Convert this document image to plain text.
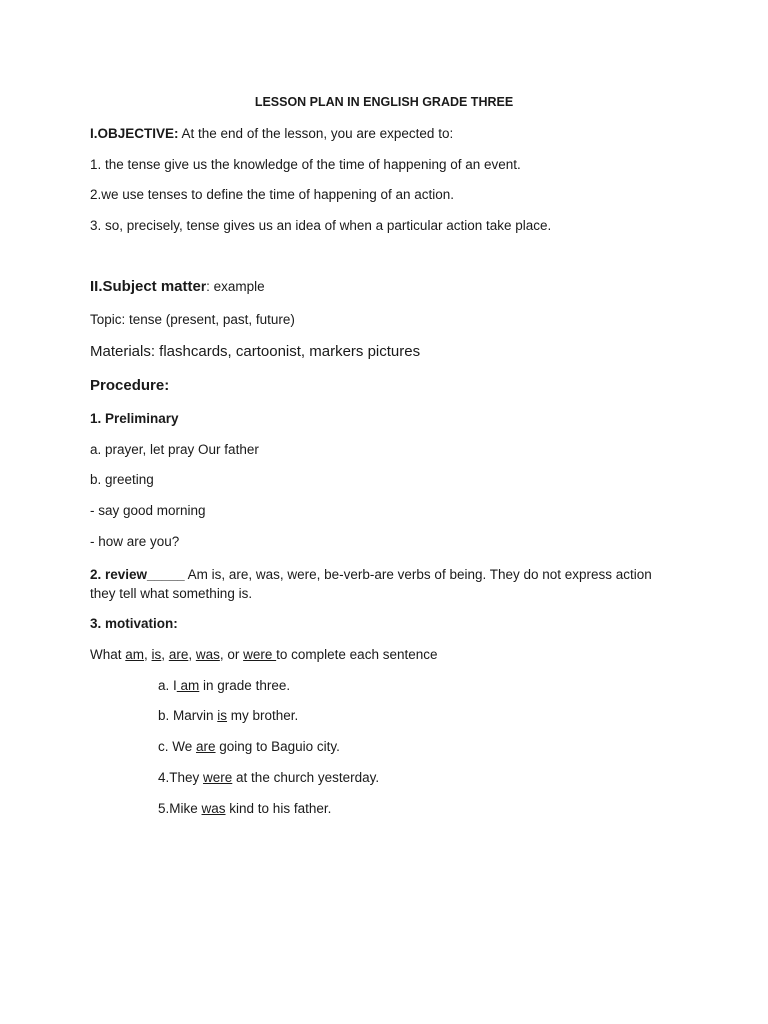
LESSON PLAN IN ENGLISH GRADE THREE
I.OBJECTIVE: At the end of the lesson, you are expected to:
1. the tense give us the knowledge of the time of happening of an event.
2.we use tenses to define the time of happening of an action.
3. so, precisely, tense gives us an idea of when a particular action take place.
II.Subject matter: example
Topic: tense (present, past, future)
Materials: flashcards, cartoonist, markers pictures
Procedure:
1. Preliminary
a. prayer, let pray Our father
b. greeting
- say good morning
- how are you?
2. review_____ Am is, are, was, were, be-verb-are verbs of being. They do not express action they tell what something is.
3. motivation:
What am, is, are, was, or were to complete each sentence
a. I am in grade three.
b. Marvin is my brother.
c. We are going to Baguio city.
4.They were at the church yesterday.
5.Mike was kind to his father.
